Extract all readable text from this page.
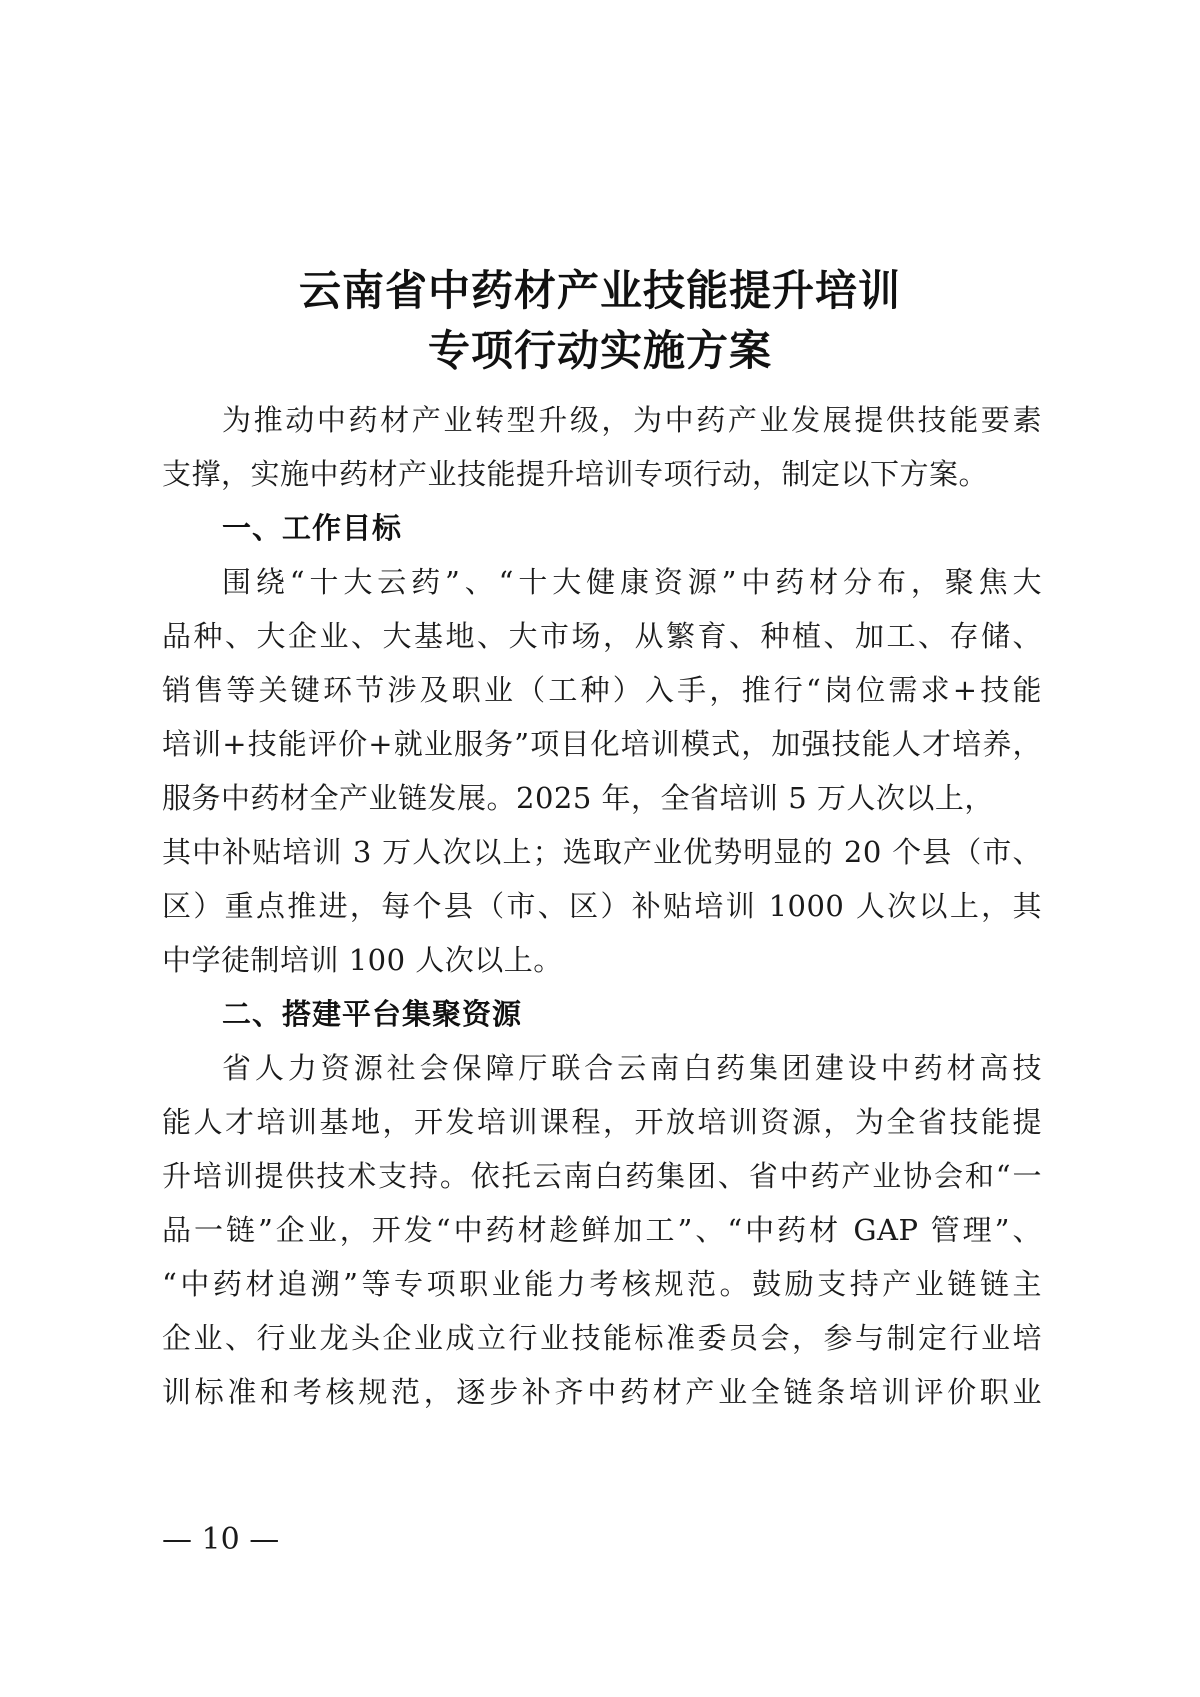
云南省中药材产业技能提升培训
专项行动实施方案
为推动中药材产业转型升级，为中药产业发展提供技能要素
支撑，实施中药材产业技能提升培训专项行动，制定以下方案。
一、工作目标
围绕“十大云药”、“十大健康资源”中药材分布，聚焦大
品种、大企业、大基地、大市场，从繁育、种植、加工、存储、
销售等关键环节涉及职业（工种）入手，推行“岗位需求+技能
培训+技能评价+就业服务”项目化培训模式，加强技能人才培养，
服务中药材全产业链发展。2025 年，全省培训 5 万人次以上，
其中补贴培训 3 万人次以上；选取产业优势明显的 20 个县（市、
区）重点推进，每个县（市、区）补贴培训 1000 人次以上，其
中学徒制培训 100 人次以上。
二、搭建平台集聚资源
省人力资源社会保障厅联合云南白药集团建设中药材高技
能人才培训基地，开发培训课程，开放培训资源，为全省技能提
升培训提供技术支持。依托云南白药集团、省中药产业协会和“一
品一链”企业，开发“中药材趁鲜加工”、“中药材 GAP 管理”、
“中药材追溯”等专项职业能力考核规范。鼓励支持产业链链主
企业、行业龙头企业成立行业技能标准委员会，参与制定行业培
训标准和考核规范，逐步补齐中药材产业全链条培训评价职业
— 10 —
